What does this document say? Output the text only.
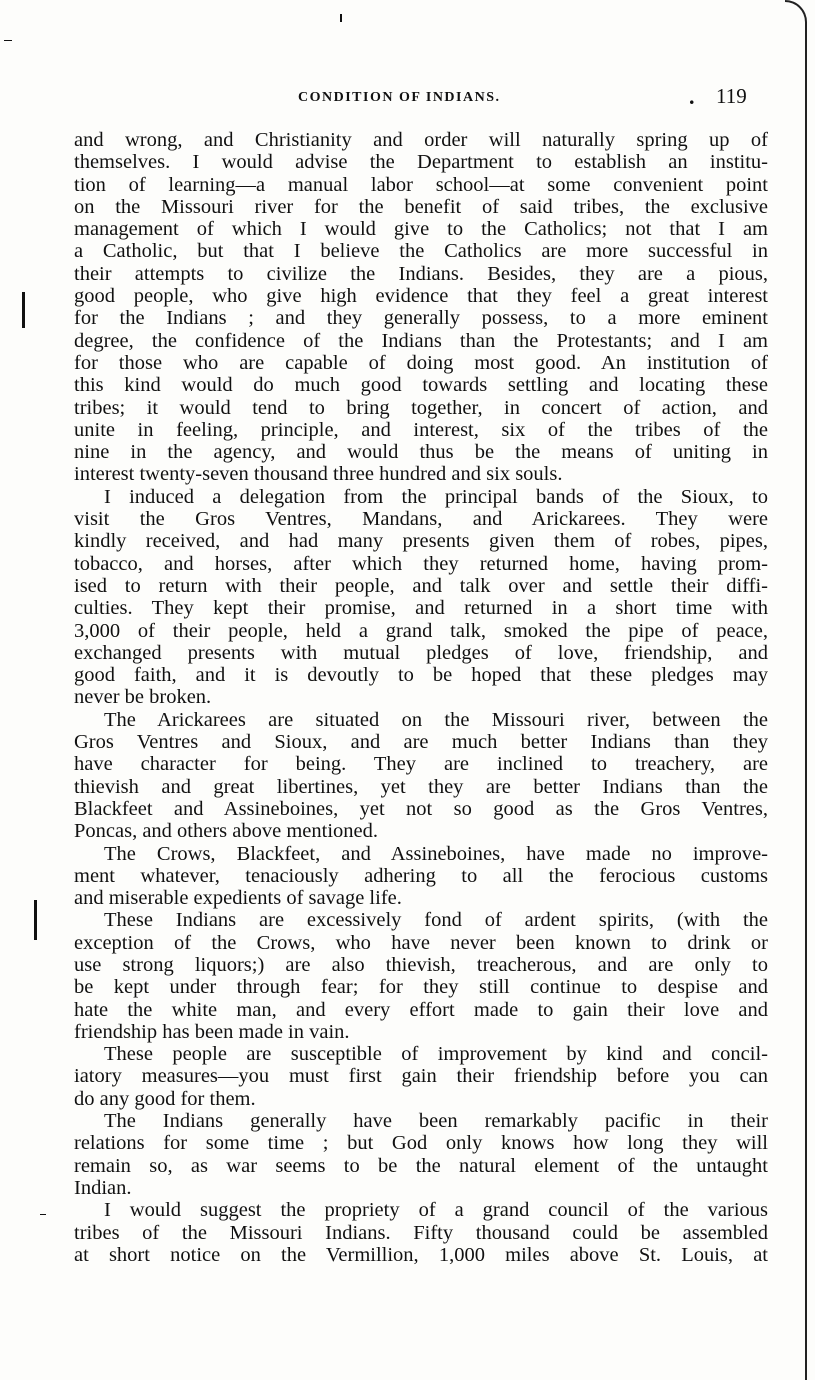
CONDITION OF INDIANS.	. 119
and wrong, and Christianity and order will naturally spring up of
themselves. I would advise the Department to establish an institu-
tion of learning—a manual labor school—at some convenient point
on the Missouri river for the benefit of said tribes, the exclusive
management of which I would give to the Catholics; not that I am
a Catholic, but that I believe the Catholics are more successful in
their attempts to civilize the Indians. Besides, they are a pious,
good people, who give high evidence that they feel a great interest
for the Indians ; and they generally possess, to a more eminent
degree, the confidence of the Indians than the Protestants; and I am
for those who are capable of doing most good. An institution of
this kind would do much good towards settling and locating these
tribes; it would tend to bring together, in concert of action, and
unite in feeling, principle, and interest, six of the tribes of the
nine in the agency, and would thus be the means of uniting in
interest twenty-seven thousand three hundred and six souls.
I induced a delegation from the principal bands of the Sioux, to
visit the Gros Ventres, Mandans, and Arickarees. They were
kindly received, and had many presents given them of robes, pipes,
tobacco, and horses, after which they returned home, having prom-
ised to return with their people, and talk over and settle their diffi-
culties. They kept their promise, and returned in a short time with
3,000 of their people, held a grand talk, smoked the pipe of peace,
exchanged presents with mutual pledges of love, friendship, and
good faith, and it is devoutly to be hoped that these pledges may
never be broken.
The Arickarees are situated on the Missouri river, between the
Gros Ventres and Sioux, and are much better Indians than they
have character for being. They are inclined to treachery, are
thievish and great libertines, yet they are better Indians than the
Blackfeet and Assineboines, yet not so good as the Gros Ventres,
Poncas, and others above mentioned.
The Crows, Blackfeet, and Assineboines, have made no improve-
ment whatever, tenaciously adhering to all the ferocious customs
and miserable expedients of savage life.
These Indians are excessively fond of ardent spirits, (with the
exception of the Crows, who have never been known to drink or
use strong liquors;) are also thievish, treacherous, and are only to
be kept under through fear; for they still continue to despise and
hate the white man, and every effort made to gain their love and
friendship has been made in vain.
These people are susceptible of improvement by kind and concil-
iatory measures—you must first gain their friendship before you can
do any good for them.
The Indians generally have been remarkably pacific in their
relations for some time ; but God only knows how long they will
remain so, as war seems to be the natural element of the untaught
Indian.
I would suggest the propriety of a grand council of the various
tribes of the Missouri Indians. Fifty thousand could be assembled
at short notice on the Vermillion, 1,000 miles above St. Louis, at
